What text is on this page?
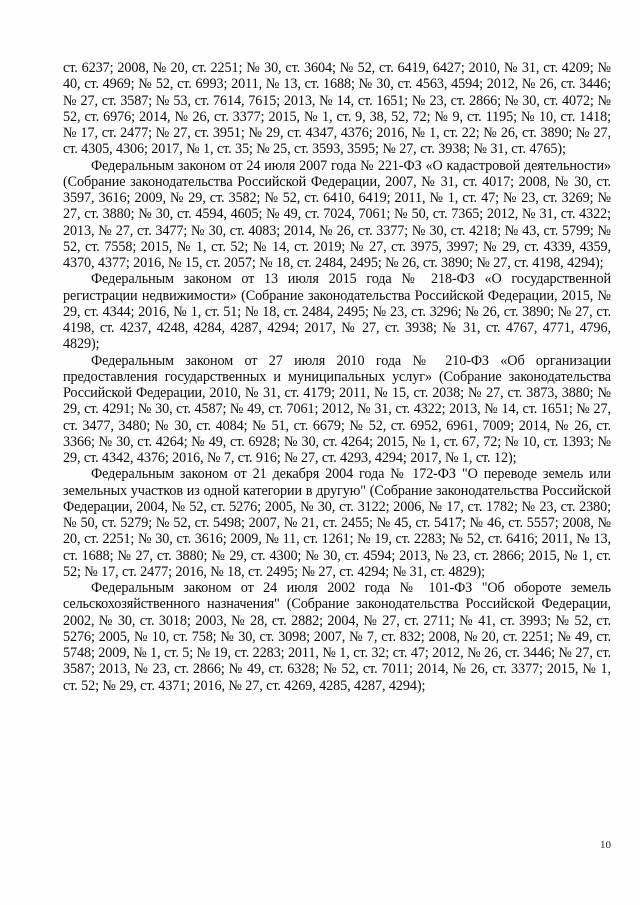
ст. 6237; 2008, № 20, ст. 2251; № 30, ст. 3604; № 52, ст. 6419, 6427; 2010, № 31, ст. 4209; № 40, ст. 4969; № 52, ст. 6993; 2011, № 13, ст. 1688; № 30, ст. 4563, 4594; 2012, № 26, ст. 3446; № 27, ст. 3587; № 53, ст. 7614, 7615; 2013, № 14, ст. 1651; № 23, ст. 2866; № 30, ст. 4072; № 52, ст. 6976; 2014, № 26, ст. 3377; 2015, № 1, ст. 9, 38, 52, 72; № 9, ст. 1195; № 10, ст. 1418; № 17, ст. 2477; № 27, ст. 3951; № 29, ст. 4347, 4376; 2016, № 1, ст. 22; № 26, ст. 3890; № 27, ст. 4305, 4306; 2017, № 1, ст. 35; № 25, ст. 3593, 3595; № 27, ст. 3938; № 31, ст. 4765);

Федеральным законом от 24 июля 2007 года № 221-ФЗ «О кадастровой деятельности» (Собрание законодательства Российской Федерации, 2007, № 31, ст. 4017; 2008, № 30, ст. 3597, 3616; 2009, № 29, ст. 3582; № 52, ст. 6410, 6419; 2011, № 1, ст. 47; № 23, ст. 3269; № 27, ст. 3880; № 30, ст. 4594, 4605; № 49, ст. 7024, 7061; № 50, ст. 7365; 2012, № 31, ст. 4322; 2013, № 27, ст. 3477; № 30, ст. 4083; 2014, № 26, ст. 3377; № 30, ст. 4218; № 43, ст. 5799; № 52, ст. 7558; 2015, № 1, ст. 52; № 14, ст. 2019; № 27, ст. 3975, 3997; № 29, ст. 4339, 4359, 4370, 4377; 2016, № 15, ст. 2057; № 18, ст. 2484, 2495; № 26, ст. 3890; № 27, ст. 4198, 4294);

Федеральным законом от 13 июля 2015 года № 218-ФЗ «О государственной регистрации недвижимости» (Собрание законодательства Российской Федерации, 2015, № 29, ст. 4344; 2016, № 1, ст. 51; № 18, ст. 2484, 2495; № 23, ст. 3296; № 26, ст. 3890; № 27, ст. 4198, ст. 4237, 4248, 4284, 4287, 4294; 2017, № 27, ст. 3938; № 31, ст. 4767, 4771, 4796, 4829);

Федеральным законом от 27 июля 2010 года № 210-ФЗ «Об организации предоставления государственных и муниципальных услуг» (Собрание законодательства Российской Федерации, 2010, № 31, ст. 4179; 2011, № 15, ст. 2038; № 27, ст. 3873, 3880; № 29, ст. 4291; № 30, ст. 4587; № 49, ст. 7061; 2012, № 31, ст. 4322; 2013, № 14, ст. 1651; № 27, ст. 3477, 3480; № 30, ст. 4084; № 51, ст. 6679; № 52, ст. 6952, 6961, 7009; 2014, № 26, ст. 3366; № 30, ст. 4264; № 49, ст. 6928; № 30, ст. 4264; 2015, № 1, ст. 67, 72; № 10, ст. 1393; № 29, ст. 4342, 4376; 2016, № 7, ст. 916; № 27, ст. 4293, 4294; 2017, № 1, ст. 12);

Федеральным законом от 21 декабря 2004 года № 172-ФЗ "О переводе земель или земельных участков из одной категории в другую" (Собрание законодательства Российской Федерации, 2004, № 52, ст. 5276; 2005, № 30, ст. 3122; 2006, № 17, ст. 1782; № 23, ст. 2380; № 50, ст. 5279; № 52, ст. 5498; 2007, № 21, ст. 2455; № 45, ст. 5417; № 46, ст. 5557; 2008, № 20, ст. 2251; № 30, ст. 3616; 2009, № 11, ст. 1261; № 19, ст. 2283; № 52, ст. 6416; 2011, № 13, ст. 1688; № 27, ст. 3880; № 29, ст. 4300; № 30, ст. 4594; 2013, № 23, ст. 2866; 2015, № 1, ст. 52; № 17, ст. 2477; 2016, № 18, ст. 2495; № 27, ст. 4294; № 31, ст. 4829);

Федеральным законом от 24 июля 2002 года № 101-ФЗ "Об обороте земель сельскохозяйственного назначения" (Собрание законодательства Российской Федерации, 2002, № 30, ст. 3018; 2003, № 28, ст. 2882; 2004, № 27, ст. 2711; № 41, ст. 3993; № 52, ст. 5276; 2005, № 10, ст. 758; № 30, ст. 3098; 2007, № 7, ст. 832; 2008, № 20, ст. 2251; № 49, ст. 5748; 2009, № 1, ст. 5; № 19, ст. 2283; 2011, № 1, ст. 32; ст. 47; 2012, № 26, ст. 3446; № 27, ст. 3587; 2013, № 23, ст. 2866; № 49, ст. 6328; № 52, ст. 7011; 2014, № 26, ст. 3377; 2015, № 1, ст. 52; № 29, ст. 4371; 2016, № 27, ст. 4269, 4285, 4287, 4294);

10
